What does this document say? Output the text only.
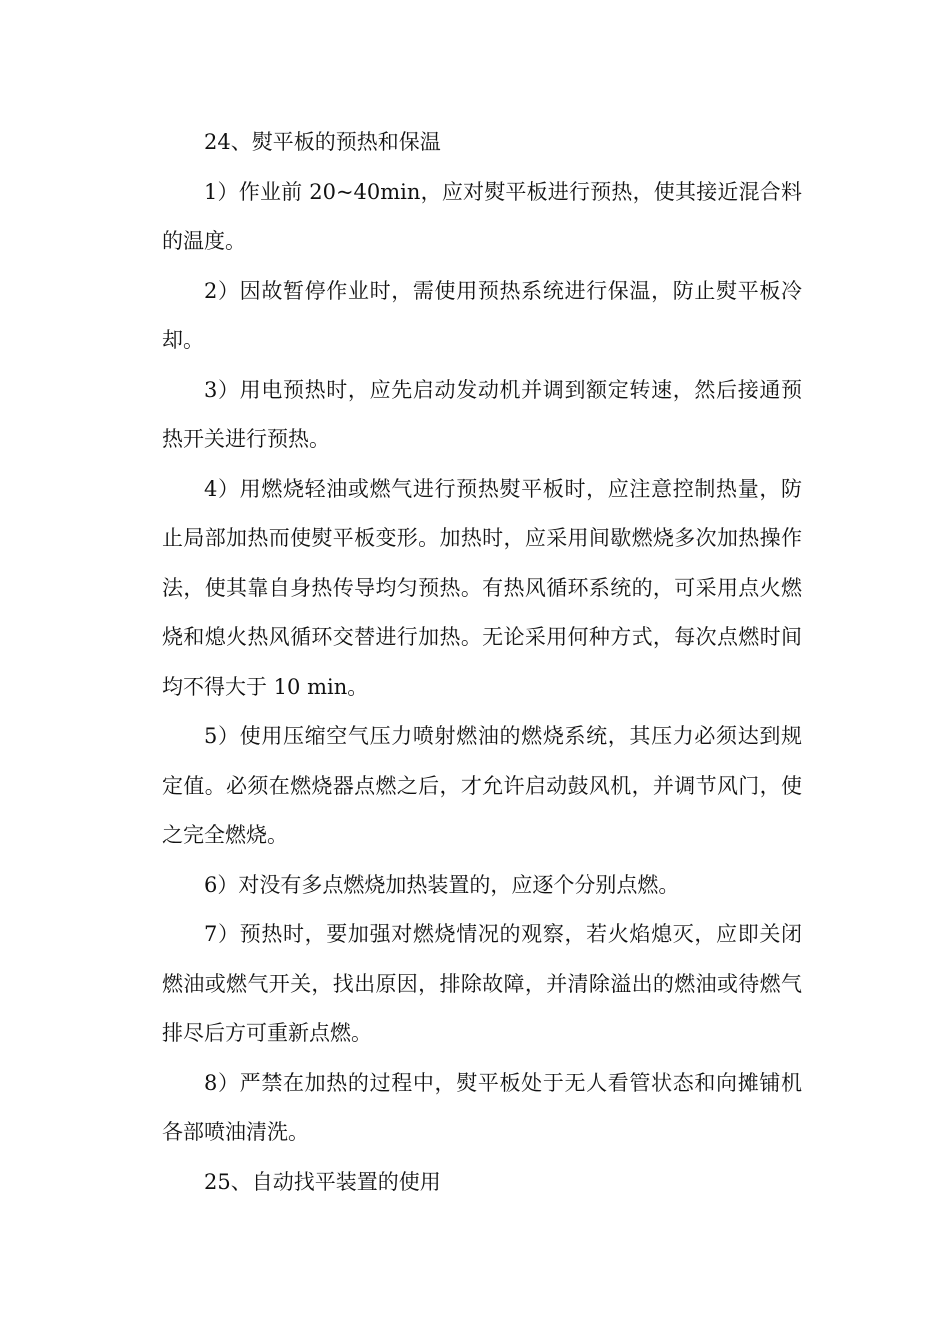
24、熨平板的预热和保温

1）作业前 20~40min，应对熨平板进行预热，使其接近混合料的温度。

2）因故暂停作业时，需使用预热系统进行保温，防止熨平板冷却。

3）用电预热时，应先启动发动机并调到额定转速，然后接通预热开关进行预热。

4）用燃烧轻油或燃气进行预热熨平板时，应注意控制热量，防止局部加热而使熨平板变形。加热时，应采用间歇燃烧多次加热操作法，使其靠自身热传导均匀预热。有热风循环系统的，可采用点火燃烧和熄火热风循环交替进行加热。无论采用何种方式，每次点燃时间均不得大于 10 min。

5）使用压缩空气压力喷射燃油的燃烧系统，其压力必须达到规定值。必须在燃烧器点燃之后，才允许启动鼓风机，并调节风门，使之完全燃烧。

6）对没有多点燃烧加热装置的，应逐个分别点燃。

7）预热时，要加强对燃烧情况的观察，若火焰熄灭，应即关闭燃油或燃气开关，找出原因，排除故障，并清除溢出的燃油或待燃气排尽后方可重新点燃。

8）严禁在加热的过程中，熨平板处于无人看管状态和向摊铺机各部喷油清洗。

25、自动找平装置的使用
